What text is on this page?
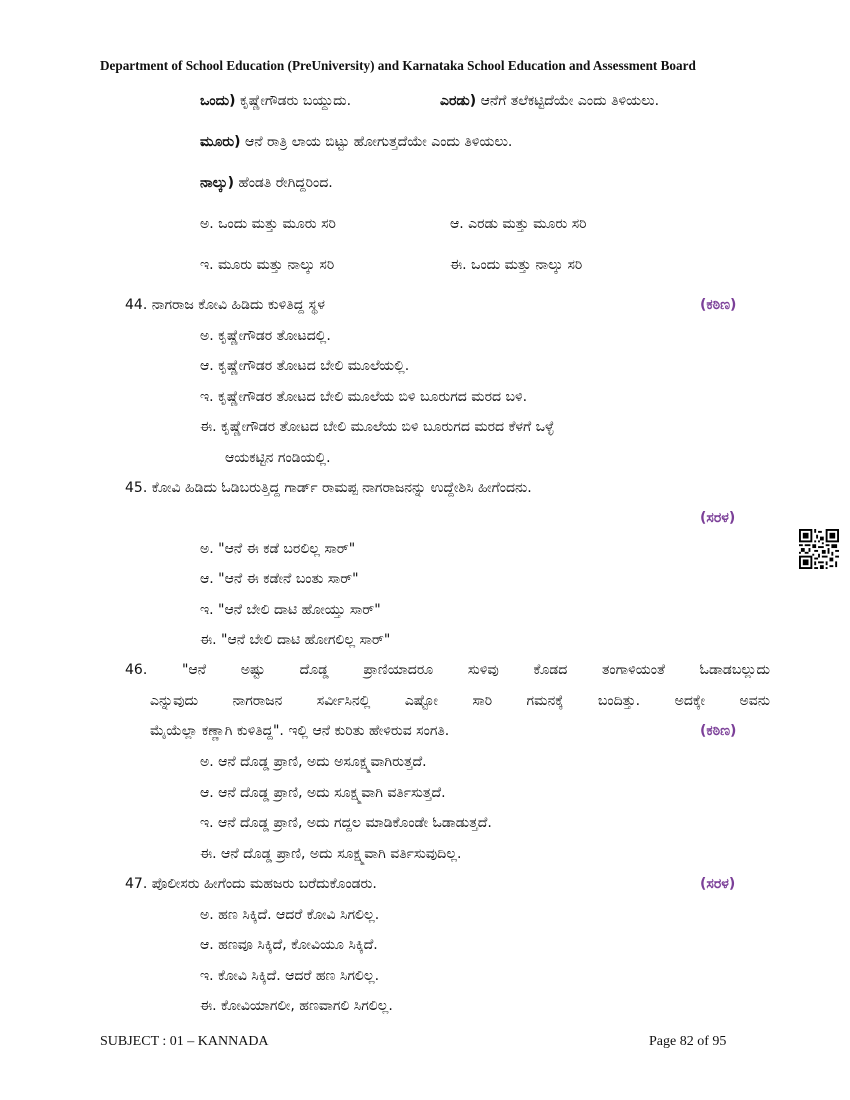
Department of School Education (PreUniversity) and Karnataka School Education and Assessment Board
ಒಂದು) ಕೃಷ್ಣೇಗೌಡರು ಬಯ್ದುದು.	ಎರಡು) ಆನೆಗೆ ತಲೆಕಟ್ಟಿದೆಯೇ ಎಂದು ತಿಳಿಯಲು.
ಮೂರು) ಆನೆ ರಾತ್ರಿ ಲಾಯ ಬಿಟ್ಟು ಹೋಗುತ್ತದೆಯೇ ಎಂದು ತಿಳಿಯಲು.
ನಾಲ್ಕು) ಹೆಂಡತಿ ರೇಗಿದ್ದರಿಂದ.
ಅ. ಒಂದು ಮತ್ತು ಮೂರು ಸರಿ	ಆ. ಎರಡು ಮತ್ತು ಮೂರು ಸರಿ
ಇ. ಮೂರು ಮತ್ತು ನಾಲ್ಕು ಸರಿ	ಈ. ಒಂದು ಮತ್ತು ನಾಲ್ಕು ಸರಿ
44. ನಾಗರಾಜ ಕೋವಿ ಹಿಡಿದು ಕುಳಿತಿದ್ದ ಸ್ಥಳ	(ಕಠಿಣ)
ಅ. ಕೃಷ್ಣೇಗೌಡರ ತೋಟದಲ್ಲಿ.
ಆ. ಕೃಷ್ಣೇಗೌಡರ ತೋಟದ ಬೇಲಿ ಮೂಲೆಯಲ್ಲಿ.
ಇ. ಕೃಷ್ಣೇಗೌಡರ ತೋಟದ ಬೇಲಿ ಮೂಲೆಯ ಬಿಳಿ ಬೂರುಗದ ಮರದ ಬಳಿ.
ಈ. ಕೃಷ್ಣೇಗೌಡರ ತೋಟದ ಬೇಲಿ ಮೂಲೆಯ ಬಿಳಿ ಬೂರುಗದ ಮರದ ಕೆಳಗೆ ಒಳ್ಳೆ
ಆಯಕಟ್ಟಿನ ಗಂಡಿಯಲ್ಲಿ.
45. ಕೋವಿ ಹಿಡಿದು ಓಡಿಬರುತ್ತಿದ್ದ ಗಾರ್ಡ್ ರಾಮಪ್ಪ ನಾಗರಾಜನನ್ನು ಉದ್ದೇಶಿಸಿ ಹೀಗೆಂದನು.
(ಸರಳ)
ಅ. "ಆನೆ ಈ ಕಡೆ ಬರಲಿಲ್ಲ ಸಾರ್"
ಆ. "ಆನೆ ಈ ಕಡೇನೆ ಬಂತು ಸಾರ್"
ಇ. "ಆನೆ ಬೇಲಿ ದಾಟಿ ಹೋಯ್ತು ಸಾರ್"
ಈ. "ಆನೆ ಬೇಲಿ ದಾಟಿ ಹೋಗಲಿಲ್ಲ ಸಾರ್"
46. "ಆನೆ ಅಷ್ಟು ದೊಡ್ಡ ಪ್ರಾಣಿಯಾದರೂ ಸುಳಿವು ಕೊಡದ ತಂಗಾಳಿಯಂತೆ ಓಡಾಡಬಲ್ಲುದು
ಎನ್ನುವುದು ನಾಗರಾಜನ ಸರ್ವೀಸಿನಲ್ಲಿ ಎಷ್ಟೋ ಸಾರಿ ಗಮನಕ್ಕೆ ಬಂದಿತ್ತು. ಅದಕ್ಕೇ ಅವನು
ಮೈಯೆಲ್ಲಾ ಕಣ್ಣಾಗಿ ಕುಳಿತಿದ್ದ". ಇಲ್ಲಿ ಆನೆ ಕುರಿತು ಹೇಳಿರುವ ಸಂಗತಿ.	(ಕಠಿಣ)
ಅ. ಆನೆ ದೊಡ್ಡ ಪ್ರಾಣಿ, ಅದು ಅಸೂಕ್ಷ್ಮವಾಗಿರುತ್ತದೆ.
ಆ. ಆನೆ ದೊಡ್ಡ ಪ್ರಾಣಿ, ಅದು ಸೂಕ್ಷ್ಮವಾಗಿ ವರ್ತಿಸುತ್ತದೆ.
ಇ. ಆನೆ ದೊಡ್ಡ ಪ್ರಾಣಿ, ಅದು ಗದ್ದಲ ಮಾಡಿಕೊಂಡೇ ಓಡಾಡುತ್ತದೆ.
ಈ. ಆನೆ ದೊಡ್ಡ ಪ್ರಾಣಿ, ಅದು ಸೂಕ್ಷ್ಮವಾಗಿ ವರ್ತಿಸುವುದಿಲ್ಲ.
47. ಪೊಲೀಸರು ಹೀಗೆಂದು ಮಹಜರು ಬರೆದುಕೊಂಡರು.	(ಸರಳ)
ಅ. ಹಣ ಸಿಕ್ಕಿದೆ. ಆದರೆ ಕೋವಿ ಸಿಗಲಿಲ್ಲ.
ಆ. ಹಣವೂ ಸಿಕ್ಕಿದೆ, ಕೋವಿಯೂ ಸಿಕ್ಕಿದೆ.
ಇ. ಕೋವಿ ಸಿಕ್ಕಿದೆ. ಆದರೆ ಹಣ ಸಿಗಲಿಲ್ಲ.
ಈ. ಕೋವಿಯಾಗಲೀ, ಹಣವಾಗಲಿ ಸಿಗಲಿಲ್ಲ.
SUBJECT : 01 – KANNADA	Page 82 of 95
